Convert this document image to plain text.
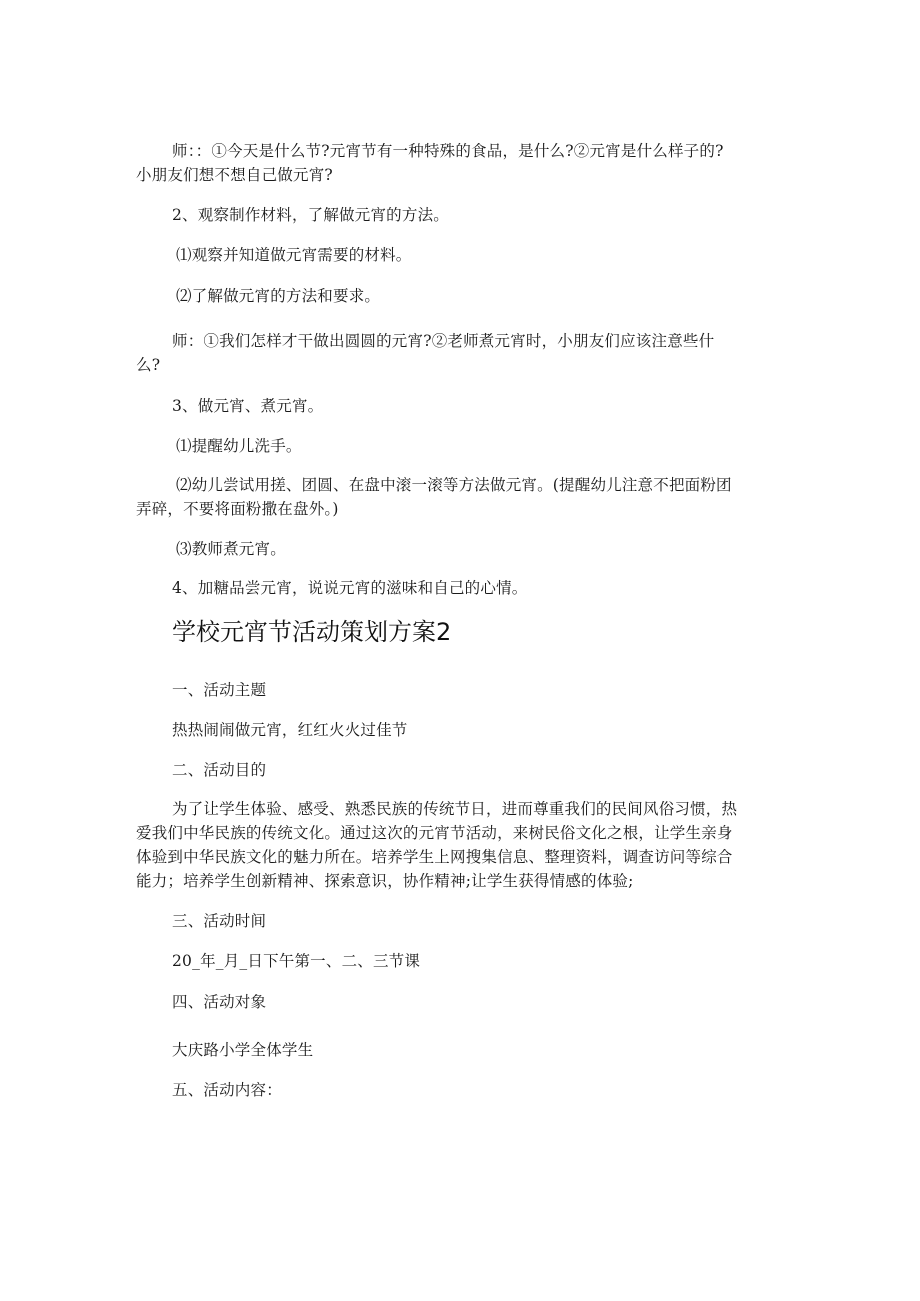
师：：①今天是什么节?元宵节有一种特殊的食品，是什么?②元宵是什么样子的?
小朋友们想不想自己做元宵?
2、观察制作材料，了解做元宵的方法。
⑴观察并知道做元宵需要的材料。
⑵了解做元宵的方法和要求。
师：①我们怎样才干做出圆圆的元宵?②老师煮元宵时，小朋友们应该注意些什
么?
3、做元宵、煮元宵。
⑴提醒幼儿洗手。
⑵幼儿尝试用搓、团圆、在盘中滚一滚等方法做元宵。(提醒幼儿注意不把面粉团
弄碎，不要将面粉撒在盘外。)
⑶教师煮元宵。
4、加糖品尝元宵，说说元宵的滋味和自己的心情。
学校元宵节活动策划方案2
一、活动主题
热热闹闹做元宵，红红火火过佳节
二、活动目的
为了让学生体验、感受、熟悉民族的传统节日，进而尊重我们的民间风俗习惯，热
爱我们中华民族的传统文化。通过这次的元宵节活动，来树民俗文化之根，让学生亲身
体验到中华民族文化的魅力所在。培养学生上网搜集信息、整理资料，调查访问等综合
能力；培养学生创新精神、探索意识，协作精神;让学生获得情感的体验;
三、活动时间
20_年_月_日下午第一、二、三节课
四、活动对象
大庆路小学全体学生
五、活动内容：
